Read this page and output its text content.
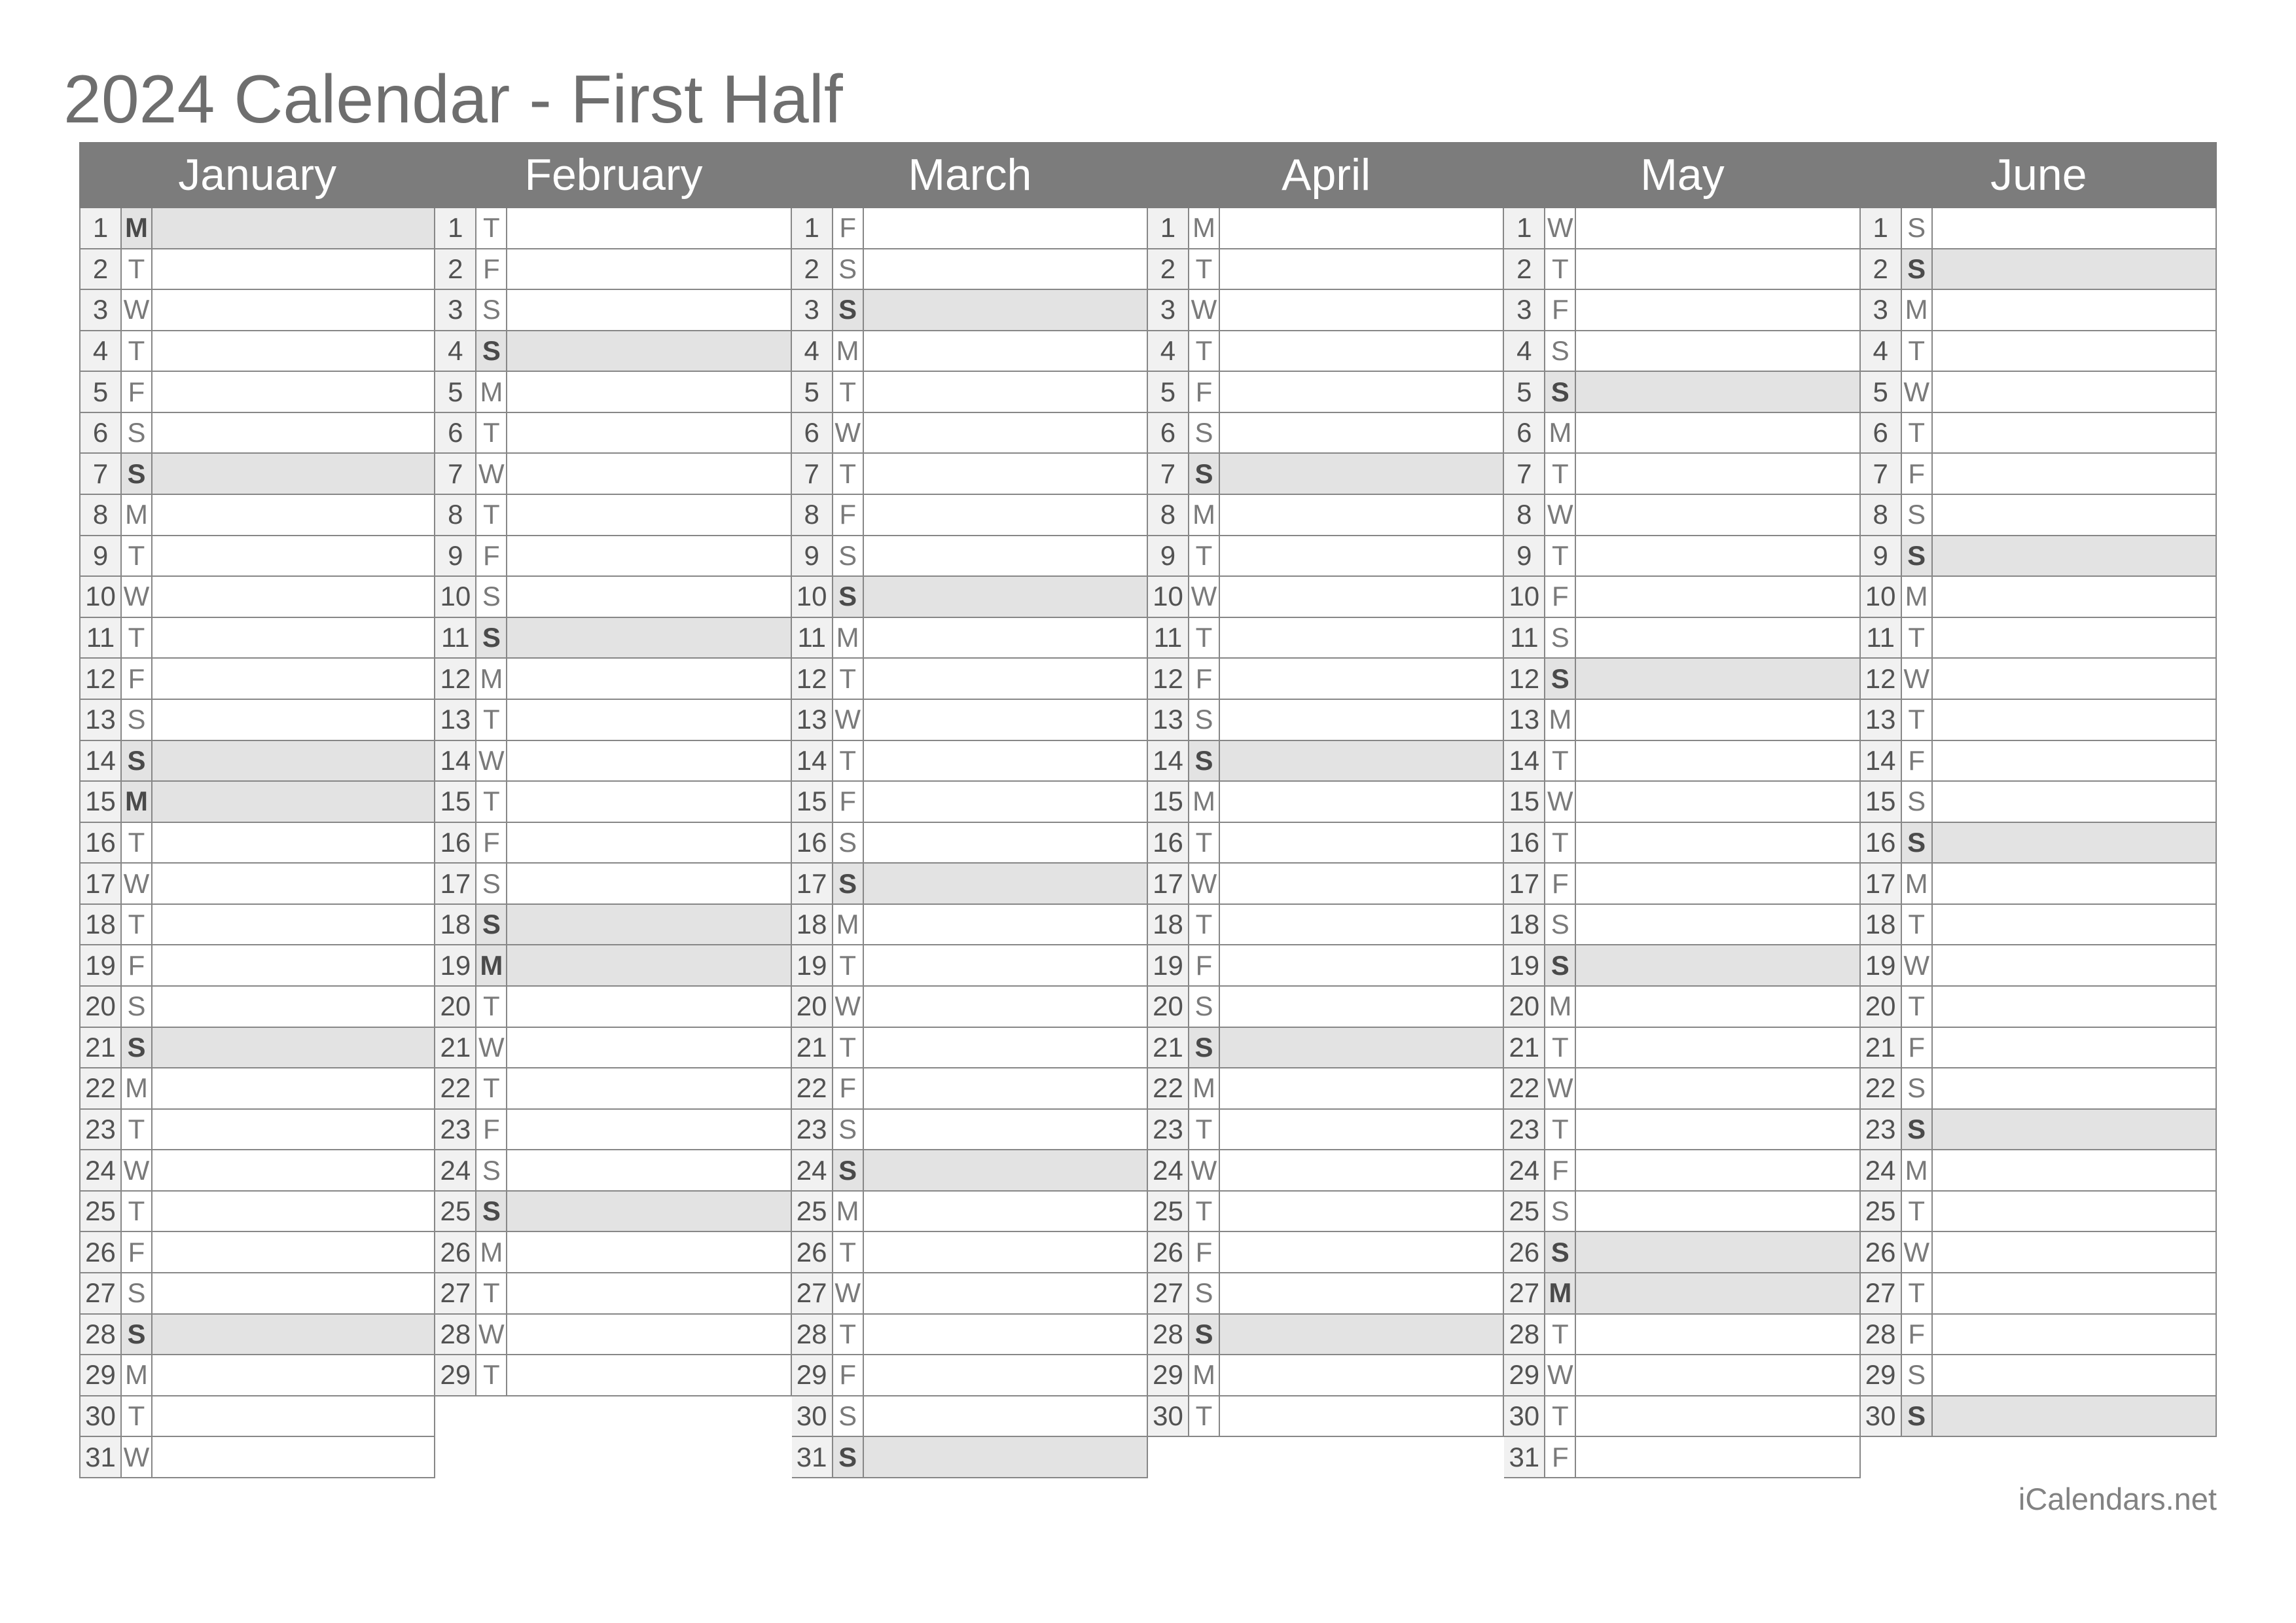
2024 Calendar - First Half
January
1 M
2 T
3 W
4 T
5 F
6 S
7 S
8 M
9 T
10 W
11 T
12 F
13 S
14 S
15 M
16 T
17 W
18 T
19 F
20 S
21 S
22 M
23 T
24 W
25 T
26 F
27 S
28 S
29 M
30 T
31 W
February
1 T
2 F
3 S
4 S
5 M
6 T
7 W
8 T
9 F
10 S
11 S
12 M
13 T
14 W
15 T
16 F
17 S
18 S
19 M
20 T
21 W
22 T
23 F
24 S
25 S
26 M
27 T
28 W
29 T
March
1 F
2 S
3 S
4 M
5 T
6 W
7 T
8 F
9 S
10 S
11 M
12 T
13 W
14 T
15 F
16 S
17 S
18 M
19 T
20 W
21 T
22 F
23 S
24 S
25 M
26 T
27 W
28 T
29 F
30 S
31 S
April
1 M
2 T
3 W
4 T
5 F
6 S
7 S
8 M
9 T
10 W
11 T
12 F
13 S
14 S
15 M
16 T
17 W
18 T
19 F
20 S
21 S
22 M
23 T
24 W
25 T
26 F
27 S
28 S
29 M
30 T
May
1 W
2 T
3 F
4 S
5 S
6 M
7 T
8 W
9 T
10 F
11 S
12 S
13 M
14 T
15 W
16 T
17 F
18 S
19 S
20 M
21 T
22 W
23 T
24 F
25 S
26 S
27 M
28 T
29 W
30 T
31 F
June
1 S
2 S
3 M
4 T
5 W
6 T
7 F
8 S
9 S
10 M
11 T
12 W
13 T
14 F
15 S
16 S
17 M
18 T
19 W
20 T
21 F
22 S
23 S
24 M
25 T
26 W
27 T
28 F
29 S
30 S
iCalendars.net
